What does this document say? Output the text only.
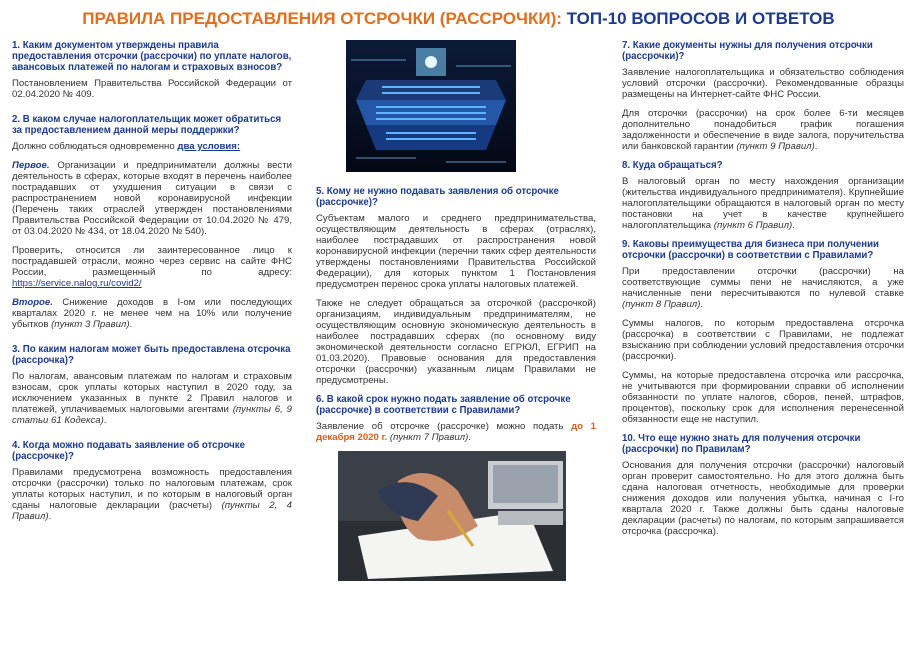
ПРАВИЛА ПРЕДОСТАВЛЕНИЯ ОТСРОЧКИ (РАССРОЧКИ): ТОП-10 ВОПРОСОВ И ОТВЕТОВ

1. Каким документом утверждены правила предоставления отсрочки (рассрочки) по уплате налогов, авансовых платежей по налогам и страховых взносов?

Постановлением Правительства Российской Федерации от 02.04.2020 № 409.

2. В каком случае налогоплательщик может обратиться за предоставлением данной меры поддержки?

Должно соблюдаться одновременно два условия:

Первое. Организации и предприниматели должны вести деятельность в сферах, которые входят в перечень наиболее пострадавших от ухудшения ситуации в связи с распространением новой коронавирусной инфекции (Перечень таких отраслей утвержден постановлениями Правительства Российской Федерации от 10.04.2020 № 479, от 03.04.2020 № 434, от 18.04.2020 № 540).

Проверить, относится ли заинтересованное лицо к пострадавшей отрасли, можно через сервис на сайте ФНС России, размещенный по адресу: https://service.nalog.ru/covid2/

Второе. Снижение доходов в I-ом или последующих кварталах 2020 г. не менее чем на 10% или получение убытков (пункт 3 Правил).

3. По каким налогам может быть предоставлена отсрочка (рассрочка)?

По налогам, авансовым платежам по налогам и страховым взносам, срок уплаты которых наступил в 2020 году, за исключением указанных в пункте 2 Правил налогов и платежей, уплачиваемых налоговыми агентами (пункты 6, 9 статьи 61 Кодекса).

4. Когда можно подавать заявление об отсрочке (рассрочке)?

Правилами предусмотрена возможность предоставления отсрочки (рассрочки) только по налоговым платежам, срок уплаты которых наступил, и по которым в налоговый орган сданы налоговые декларации (расчеты) (пункты 2, 4 Правил).

5. Кому не нужно подавать заявления об отсрочке (рассрочке)?

Субъектам малого и среднего предпринимательства, осуществляющим деятельность в сферах (отраслях), наиболее пострадавших от распространения новой коронавирусной инфекции (перечни таких сфер деятельности утверждены постановлениями Правительства Российской Федерации), для которых пунктом 1 Постановления предусмотрен перенос срока уплаты налоговых платежей.

Также не следует обращаться за отсрочкой (рассрочкой) организациям, индивидуальным предпринимателям, не осуществляющим основную экономическую деятельность в наиболее пострадавших сферах (по основному виду экономической деятельности согласно ЕГРЮЛ, ЕГРИП на 01.03.2020). Правовые основания для предоставления отсрочки (рассрочки) указанным лицам Правилами не предусмотрены.

6. В какой срок нужно подать заявление об отсрочке (рассрочке) в соответствии с Правилами?

Заявление об отсрочке (рассрочке) можно подать до 1 декабря 2020 г. (пункт 7 Правил).

7. Какие документы нужны для получения отсрочки (рассрочки)?

Заявление налогоплательщика и обязательство соблюдения условий отсрочки (рассрочки). Рекомендованные образцы размещены на Интернет-сайте ФНС России.

Для отсрочки (рассрочки) на срок более 6-ти месяцев дополнительно понадобиться график погашения задолженности и обеспечение в виде залога, поручительства или банковской гарантии (пункт 9 Правил).

8. Куда обращаться?

В налоговый орган по месту нахождения организации (жительства индивидуального предпринимателя). Крупнейшие налогоплательщики обращаются в налоговый орган по месту постановки на учет в качестве крупнейшего налогоплательщика (пункт 6 Правил).

9. Каковы преимущества для бизнеса при получении отсрочки (рассрочки) в соответствии с Правилами?

При предоставлении отсрочки (рассрочки) на соответствующие суммы пени не начисляются, а уже начисленные пени пересчитываются по нулевой ставке (пункт 8 Правил).

Суммы налогов, по которым предоставлена отсрочка (рассрочка) в соответствии с Правилами, не подлежат взысканию при соблюдении условий предоставления отсрочки (рассрочки).

Суммы, на которые предоставлена отсрочка или рассрочка, не учитываются при формировании справки об исполнении обязанности по уплате налогов, сборов, пеней, штрафов, процентов), поскольку срок для исполнения перенесенной обязанности еще не наступил.

10. Что еще нужно знать для получения отсрочки (рассрочки) по Правилам?

Основания для получения отсрочки (рассрочки) налоговый орган проверит самостоятельно. Но для этого должна быть сдана налоговая отчетность, необходимые для проверки снижения доходов или получения убытка, начиная с I-го квартала 2020 г. Также должны быть сданы налоговые декларации (расчеты) по налогам, по которым запрашивается отсрочка (рассрочка).
